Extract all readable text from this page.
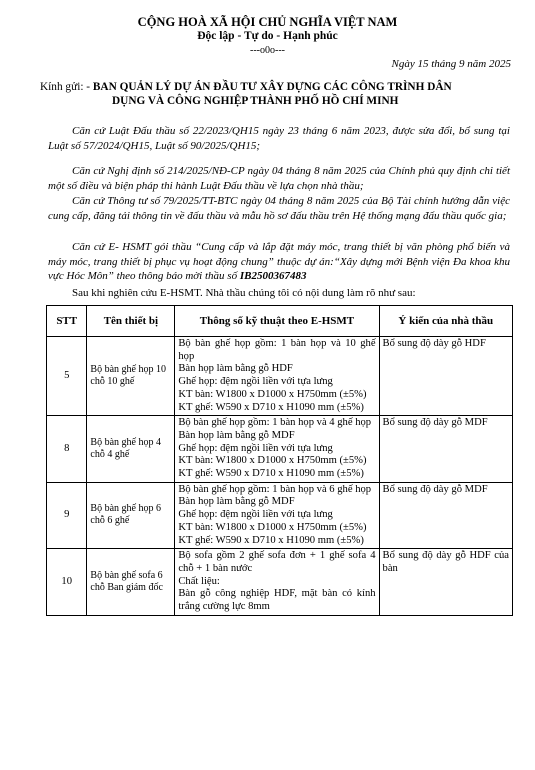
CỘNG HOÀ XÃ HỘI CHỦ NGHĨA VIỆT NAM
Độc lập - Tự do - Hạnh phúc
---o0o---
Ngày 15 tháng 9 năm 2025
Kính gửi: - BAN QUẢN LÝ DỰ ÁN ĐẦU TƯ XÂY DỰNG CÁC CÔNG TRÌNH DÂN
DỤNG VÀ CÔNG NGHIỆP THÀNH PHỐ HỒ CHÍ MINH
Căn cứ Luật Đấu thầu số 22/2023/QH15 ngày 23 tháng 6 năm 2023, được sửa đổi, bổ sung tại Luật số 57/2024/QH15, Luật số 90/2025/QH15;
Căn cứ Nghị định số 214/2025/NĐ-CP ngày 04 tháng 8 năm 2025 của Chính phủ quy định chi tiết một số điều và biện pháp thi hành Luật Đấu thầu về lựa chọn nhà thầu;
Căn cứ Thông tư số 79/2025/TT-BTC ngày 04 tháng 8 năm 2025 của Bộ Tài chính hướng dẫn việc cung cấp, đăng tải thông tin về đấu thầu và mẫu hồ sơ đấu thầu trên Hệ thống mạng đấu thầu quốc gia;
Căn cứ E- HSMT gói thầu “Cung cấp và lắp đặt máy móc, trang thiết bị văn phòng phổ biến và máy móc, trang thiết bị phục vụ hoạt động chung” thuộc dự án:“Xây dựng mới Bệnh viện Đa khoa khu vực Hóc Môn” theo thông báo mời thầu số IB2500367483
Sau khi nghiên cứu E-HSMT. Nhà thầu chúng tôi có nội dung làm rõ như sau:
STT	Tên thiết bị	Thông số kỹ thuật theo E-HSMT	Ý kiến của nhà thầu
5	Bộ bàn ghế họp 10 chỗ 10 ghế	Bộ bàn ghế họp gồm: 1 bàn họp và 10 ghế họp
Bàn họp làm bằng gỗ HDF
Ghế họp: đệm ngồi liền với tựa lưng
KT bàn: W1800 x D1000 x H750mm (±5%)
KT ghế: W590 x D710 x H1090 mm (±5%)	Bổ sung độ dày gỗ HDF
8	Bộ bàn ghế họp 4 chỗ 4 ghế	Bộ bàn ghế họp gồm: 1 bàn họp và 4 ghế họp
Bàn họp làm bằng gỗ MDF
Ghế họp: đệm ngồi liền với tựa lưng
KT bàn: W1800 x D1000 x H750mm (±5%)
KT ghế: W590 x D710 x H1090 mm (±5%)	Bổ sung độ dày gỗ MDF
9	Bộ bàn ghế họp 6 chỗ 6 ghế	Bộ bàn ghế họp gồm: 1 bàn họp và 6 ghế họp
Bàn họp làm bằng gỗ MDF
Ghế họp: đệm ngồi liền với tựa lưng
KT bàn: W1800 x D1000 x H750mm (±5%)
KT ghế: W590 x D710 x H1090 mm (±5%)	Bổ sung độ dày gỗ MDF
10	Bộ bàn ghế sofa 6 chỗ Ban giám đốc	Bộ sofa gồm 2 ghế sofa đơn + 1 ghế sofa 4 chỗ + 1 bàn nước
Chất liệu:
Bàn gỗ công nghiệp HDF, mặt bàn có kính trắng cường lực 8mm	Bổ sung độ dày gỗ HDF của bàn
